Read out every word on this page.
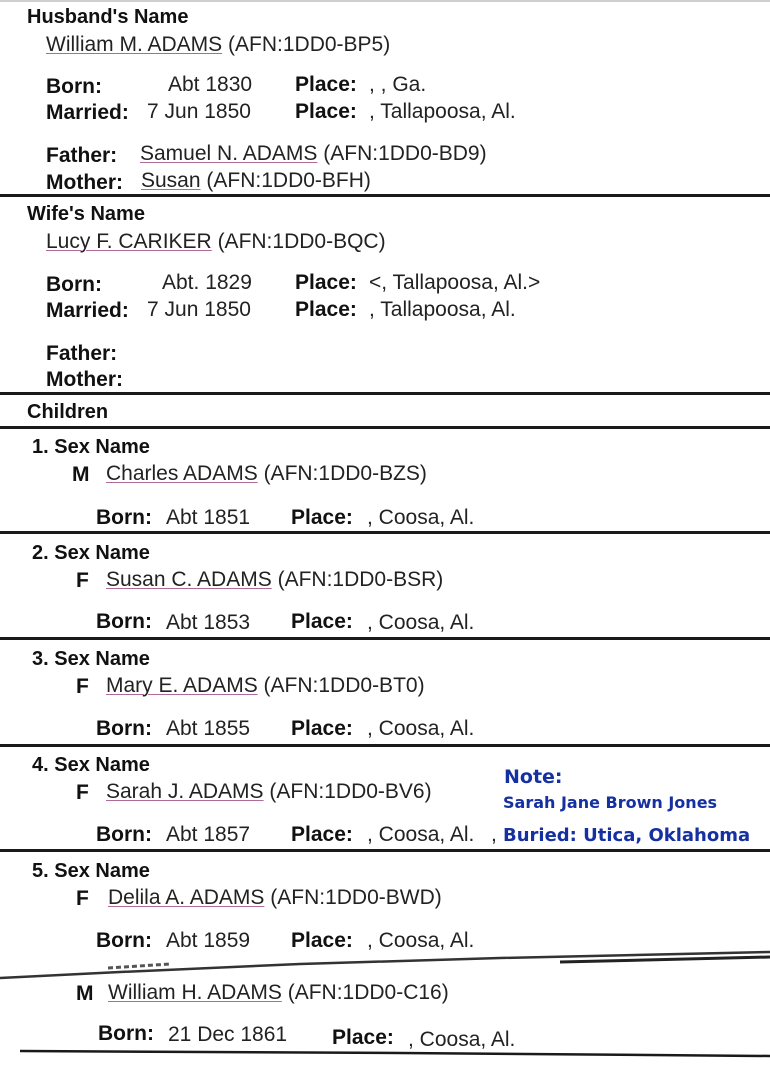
Husband's Name
William M. ADAMS (AFN:1DD0-BP5)
Born:	Abt 1830 Place: , , Ga.
Married: 7 Jun 1850 Place: , Tallapoosa, Al.
Father: Samuel N. ADAMS (AFN:1DD0-BD9)
Mother: Susan (AFN:1DD0-BFH)
Wife's Name
Lucy F. CARIKER (AFN:1DD0-BQC)
Born:	Abt. 1829 Place: <, Tallapoosa, Al.>
Married: 7 Jun 1850 Place: , Tallapoosa, Al.
Father:
Mother:
Children
1. Sex Name
M Charles ADAMS (AFN:1DD0-BZS)
Born: Abt 1851 Place: , Coosa, Al.
2. Sex Name
F Susan C. ADAMS (AFN:1DD0-BSR)
Born: Abt 1853 Place: , Coosa, Al.
3. Sex Name
F Mary E. ADAMS (AFN:1DD0-BT0)
Born: Abt 1855 Place: , Coosa, Al.
4. Sex Name
F Sarah J. ADAMS (AFN:1DD0-BV6)
Born: Abt 1857 Place: , Coosa, Al.
Note:
Sarah Jane Brown Jones
, Buried: Utica, Oklahoma
5. Sex Name
F Delila A. ADAMS (AFN:1DD0-BWD)
Born: Abt 1859 Place: , Coosa, Al.
M William H. ADAMS (AFN:1DD0-C16)
Born: 21 Dec 1861 Place: , Coosa, Al.
